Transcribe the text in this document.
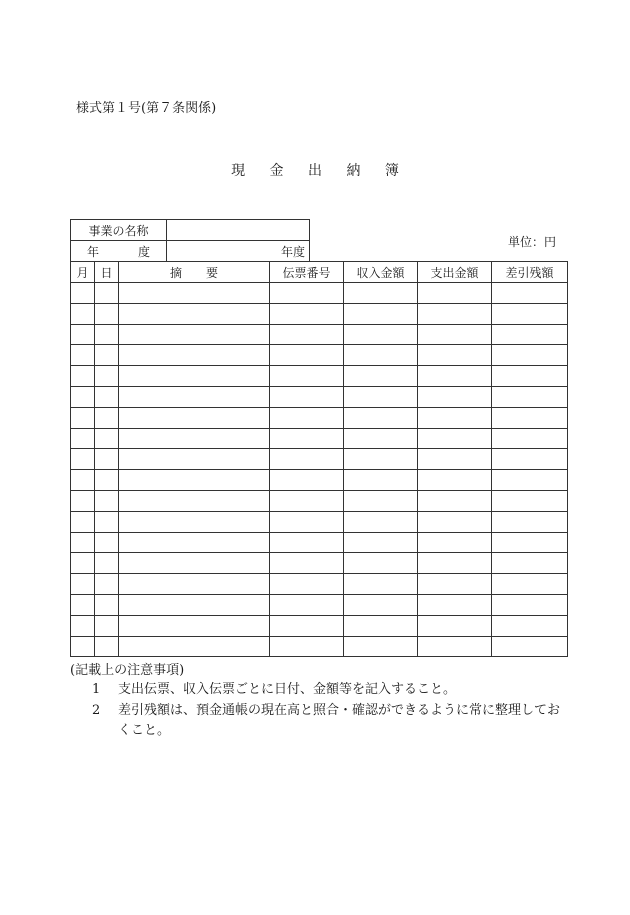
様式第１号(第７条関係)
現 金 出 納 簿
事業の名称	

年 度	年度
単位：円
月	日	摘　　要	伝票番号	収入金額	支出金額	差引残額

(記載上の注意事項)
1 支出伝票、収入伝票ごとに日付、金額等を記入すること。
2 差引残額は、預金通帳の現在高と照合・確認ができるように常に整理してお
くこと。
